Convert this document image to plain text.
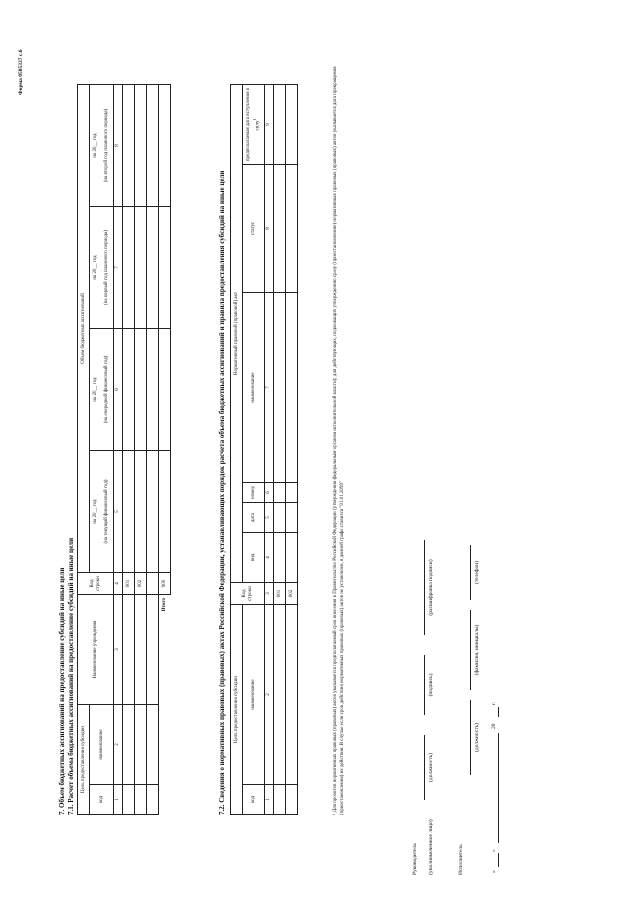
Форма 0505337 с.6
7. Объем бюджетных ассигнований на предоставление субсидий на иные цели 7.1. Расчет объема бюджетных ассигнований на предоставление субсидий на иные цели Цель предоставления субсидии		Наименование учреждения	Код строки	Объем бюджетных ассигнований			
код	наименование			на 20__ год	на 20__ год	на 20__ год	на 20__ год
				(на текущий финансовый год)	(на очередной финансовый год)	(на первый год планового периода)	(на второй год планового периода)
1	2	3	4	5	6	7	8
			001				
			002				

Итого			900					7.2. Сведения о нормативных правовых (правовых) актах Российской Федерации, устанавливающих порядок расчета объема бюджетных ассигнований и правила предоставления субсидий на иные цели Цель предоставления субсидии		Код строки	Нормативный правовой (правовой) акт					
код	наименование		вид	дата	номер	наименование	статус	предполагаемая дата вступления в силу$^1$
1	2	3	4	5	6	7	8	9
		001						
		002							¹ Для проектов нормативных правовых (правовых) актов указывается предполагаемый срок внесения в Правительство Российской Федерации (утверждения федеральным органом исполнительной власти); для действующих, подлежащих утверждению сразу (приостановлению) нормативных правовых (правовых) актов указывается дата прекращения (приостановления) их действия. В случае если срок действия нормативных правовых (правовых) актов не установлен, в данной графе ставится "01.01.2099"
Руководитель (уполномоченное лицо)
(должность)
(подпись)
(расшифровка подписи)
Исполнитель
(должность)
(фамилия, инициалы)
(телефон)
«
»
20
г.
